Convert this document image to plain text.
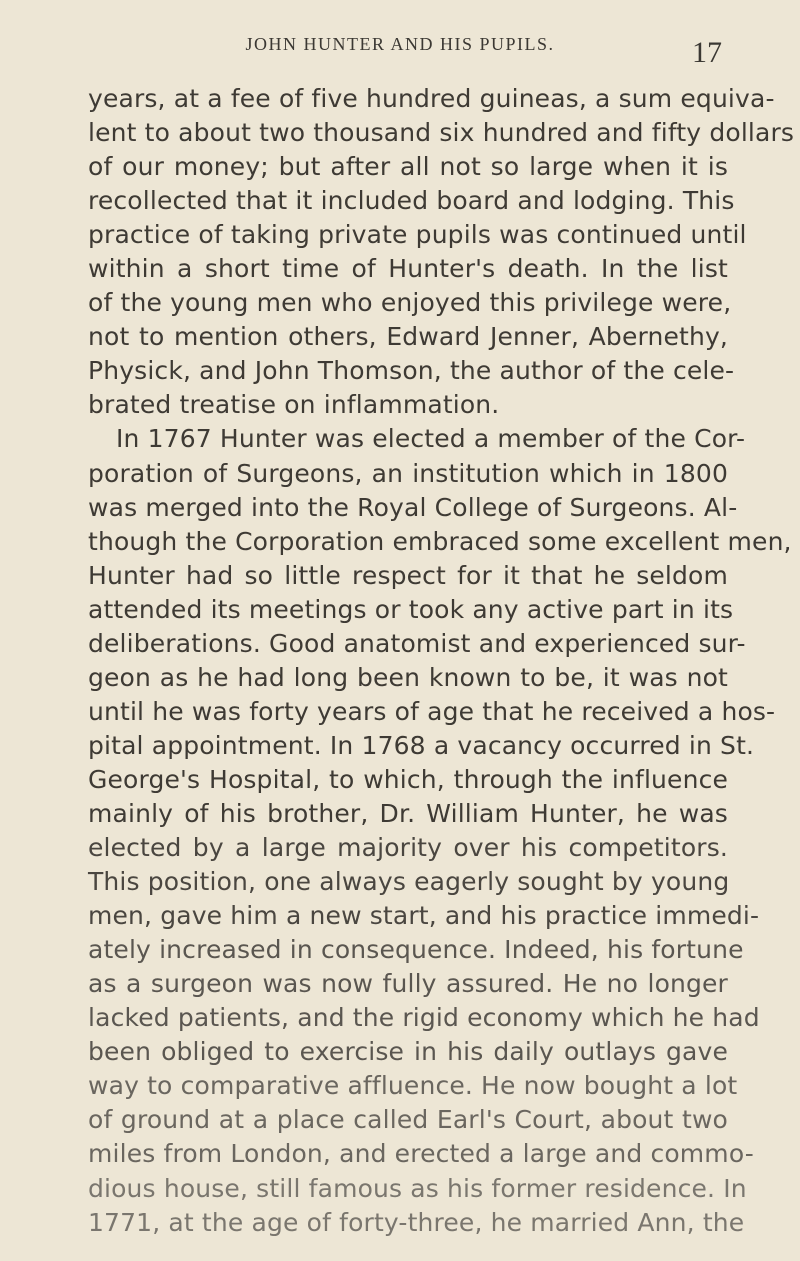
JOHN HUNTER AND HIS PUPILS.	17
years, at a fee of five hundred guineas, a sum equiva-
lent to about two thousand six hundred and fifty dollars
of our money; but after all not so large when it is
recollected that it included board and lodging. This
practice of taking private pupils was continued until
within a short time of Hunter's death. In the list
of the young men who enjoyed this privilege were,
not to mention others, Edward Jenner, Abernethy,
Physick, and John Thomson, the author of the cele-
brated treatise on inflammation.
In 1767 Hunter was elected a member of the Cor-
poration of Surgeons, an institution which in 1800
was merged into the Royal College of Surgeons. Al-
though the Corporation embraced some excellent men,
Hunter had so little respect for it that he seldom
attended its meetings or took any active part in its
deliberations. Good anatomist and experienced sur-
geon as he had long been known to be, it was not
until he was forty years of age that he received a hos-
pital appointment. In 1768 a vacancy occurred in St.
George's Hospital, to which, through the influence
mainly of his brother, Dr. William Hunter, he was
elected by a large majority over his competitors.
This position, one always eagerly sought by young
men, gave him a new start, and his practice immedi-
ately increased in consequence. Indeed, his fortune
as a surgeon was now fully assured. He no longer
lacked patients, and the rigid economy which he had
been obliged to exercise in his daily outlays gave
way to comparative affluence. He now bought a lot
of ground at a place called Earl's Court, about two
miles from London, and erected a large and commo-
dious house, still famous as his former residence. In
1771, at the age of forty-three, he married Ann, the
